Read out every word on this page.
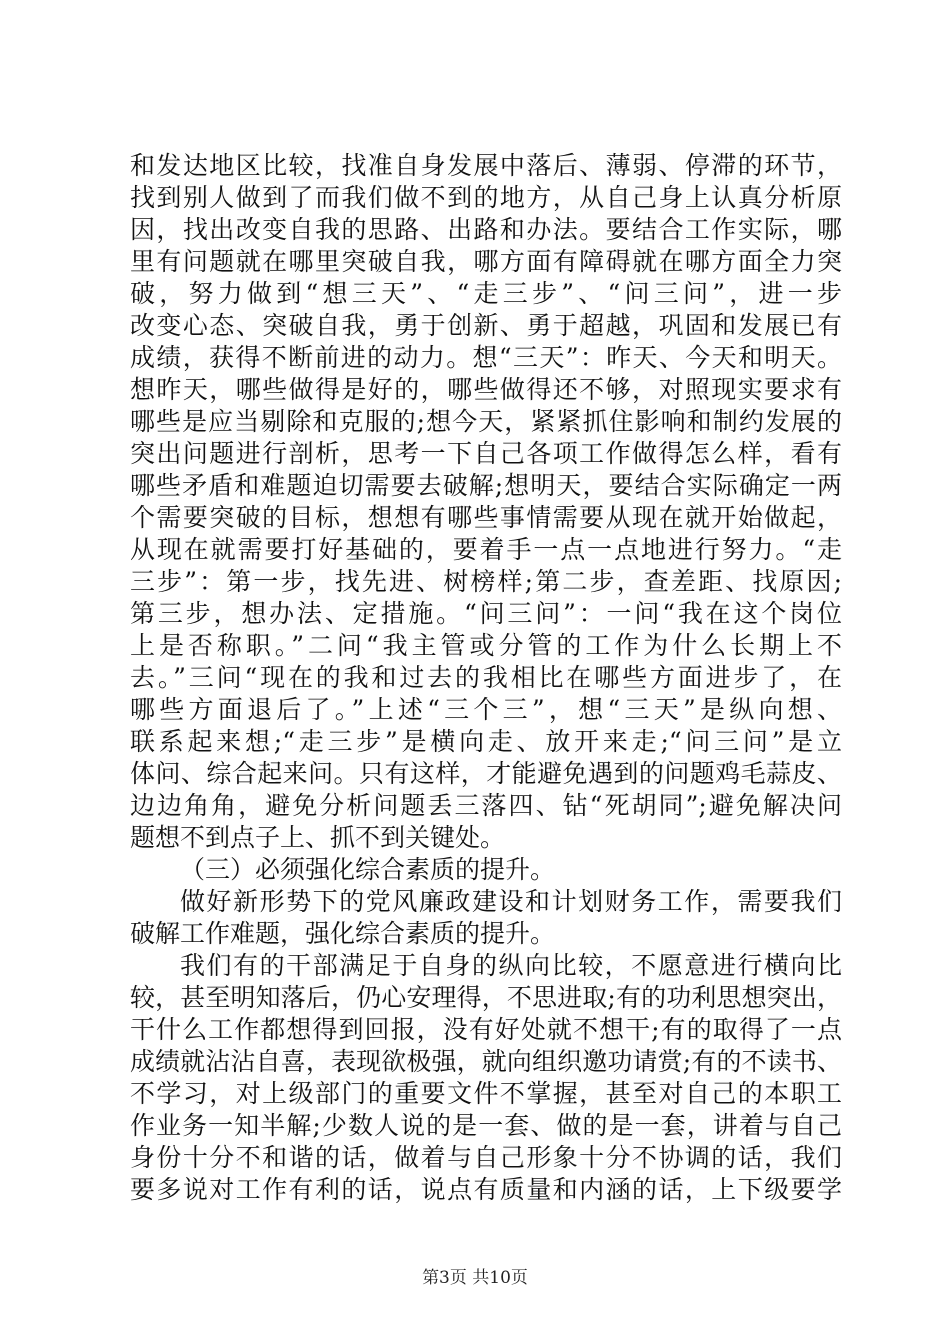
和发达地区比较，找准自身发展中落后、薄弱、停滞的环节，
找到别人做到了而我们做不到的地方，从自己身上认真分析原
因，找出改变自我的思路、出路和办法。要结合工作实际，哪
里有问题就在哪里突破自我，哪方面有障碍就在哪方面全力突
破，努力做到“想三天”、“走三步”、“问三问”，进一步
改变心态、突破自我，勇于创新、勇于超越，巩固和发展已有
成绩，获得不断前进的动力。想“三天”：昨天、今天和明天。
想昨天，哪些做得是好的，哪些做得还不够，对照现实要求有
哪些是应当剔除和克服的;想今天，紧紧抓住影响和制约发展的
突出问题进行剖析，思考一下自己各项工作做得怎么样，看有
哪些矛盾和难题迫切需要去破解;想明天，要结合实际确定一两
个需要突破的目标，想想有哪些事情需要从现在就开始做起，
从现在就需要打好基础的，要着手一点一点地进行努力。“走
三步”：第一步，找先进、树榜样;第二步，查差距、找原因;
第三步，想办法、定措施。“问三问”：一问“我在这个岗位
上是否称职。”二问“我主管或分管的工作为什么长期上不
去。”三问“现在的我和过去的我相比在哪些方面进步了，在
哪些方面退后了。”上述“三个三”，想“三天”是纵向想、
联系起来想;“走三步”是横向走、放开来走;“问三问”是立
体问、综合起来问。只有这样，才能避免遇到的问题鸡毛蒜皮、
边边角角，避免分析问题丢三落四、钻“死胡同”;避免解决问
题想不到点子上、抓不到关键处。
（三）必须强化综合素质的提升。
做好新形势下的党风廉政建设和计划财务工作，需要我们
破解工作难题，强化综合素质的提升。
我们有的干部满足于自身的纵向比较，不愿意进行横向比
较，甚至明知落后，仍心安理得，不思进取;有的功利思想突出，
干什么工作都想得到回报，没有好处就不想干;有的取得了一点
成绩就沾沾自喜，表现欲极强，就向组织邀功请赏;有的不读书、
不学习，对上级部门的重要文件不掌握，甚至对自己的本职工
作业务一知半解;少数人说的是一套、做的是一套，讲着与自己
身份十分不和谐的话，做着与自己形象十分不协调的话，我们
要多说对工作有利的话，说点有质量和内涵的话，上下级要学
第3页 共10页
